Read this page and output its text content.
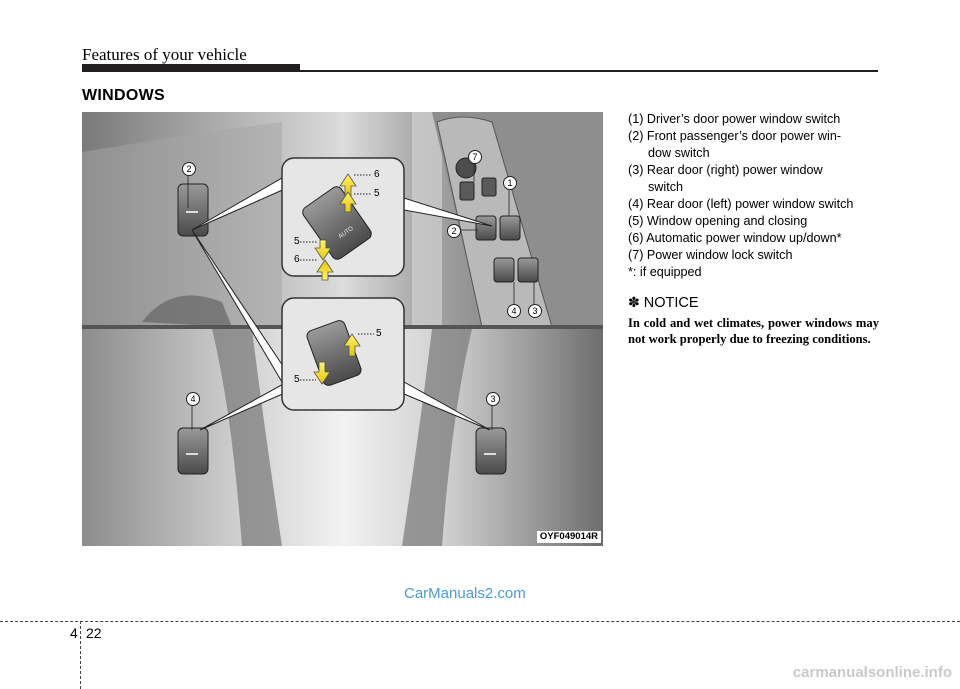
Features of your vehicle
WINDOWS
2
7
1
2
4	3
4	3
6
5
5
6
5
5
AUTO
OYF049014R
(1) Driver’s door power window switch
(2) Front passenger’s door power win-
dow switch
(3) Rear door (right) power window
switch
(4) Rear door (left) power window switch
(5) Window opening and closing
(6) Automatic power window up/down*
(7) Power window lock switch
*: if equipped
✽ NOTICE
In cold and wet climates, power windows may not work properly due to freezing conditions.
CarManuals2.com
4 22
carmanualsonline.info
